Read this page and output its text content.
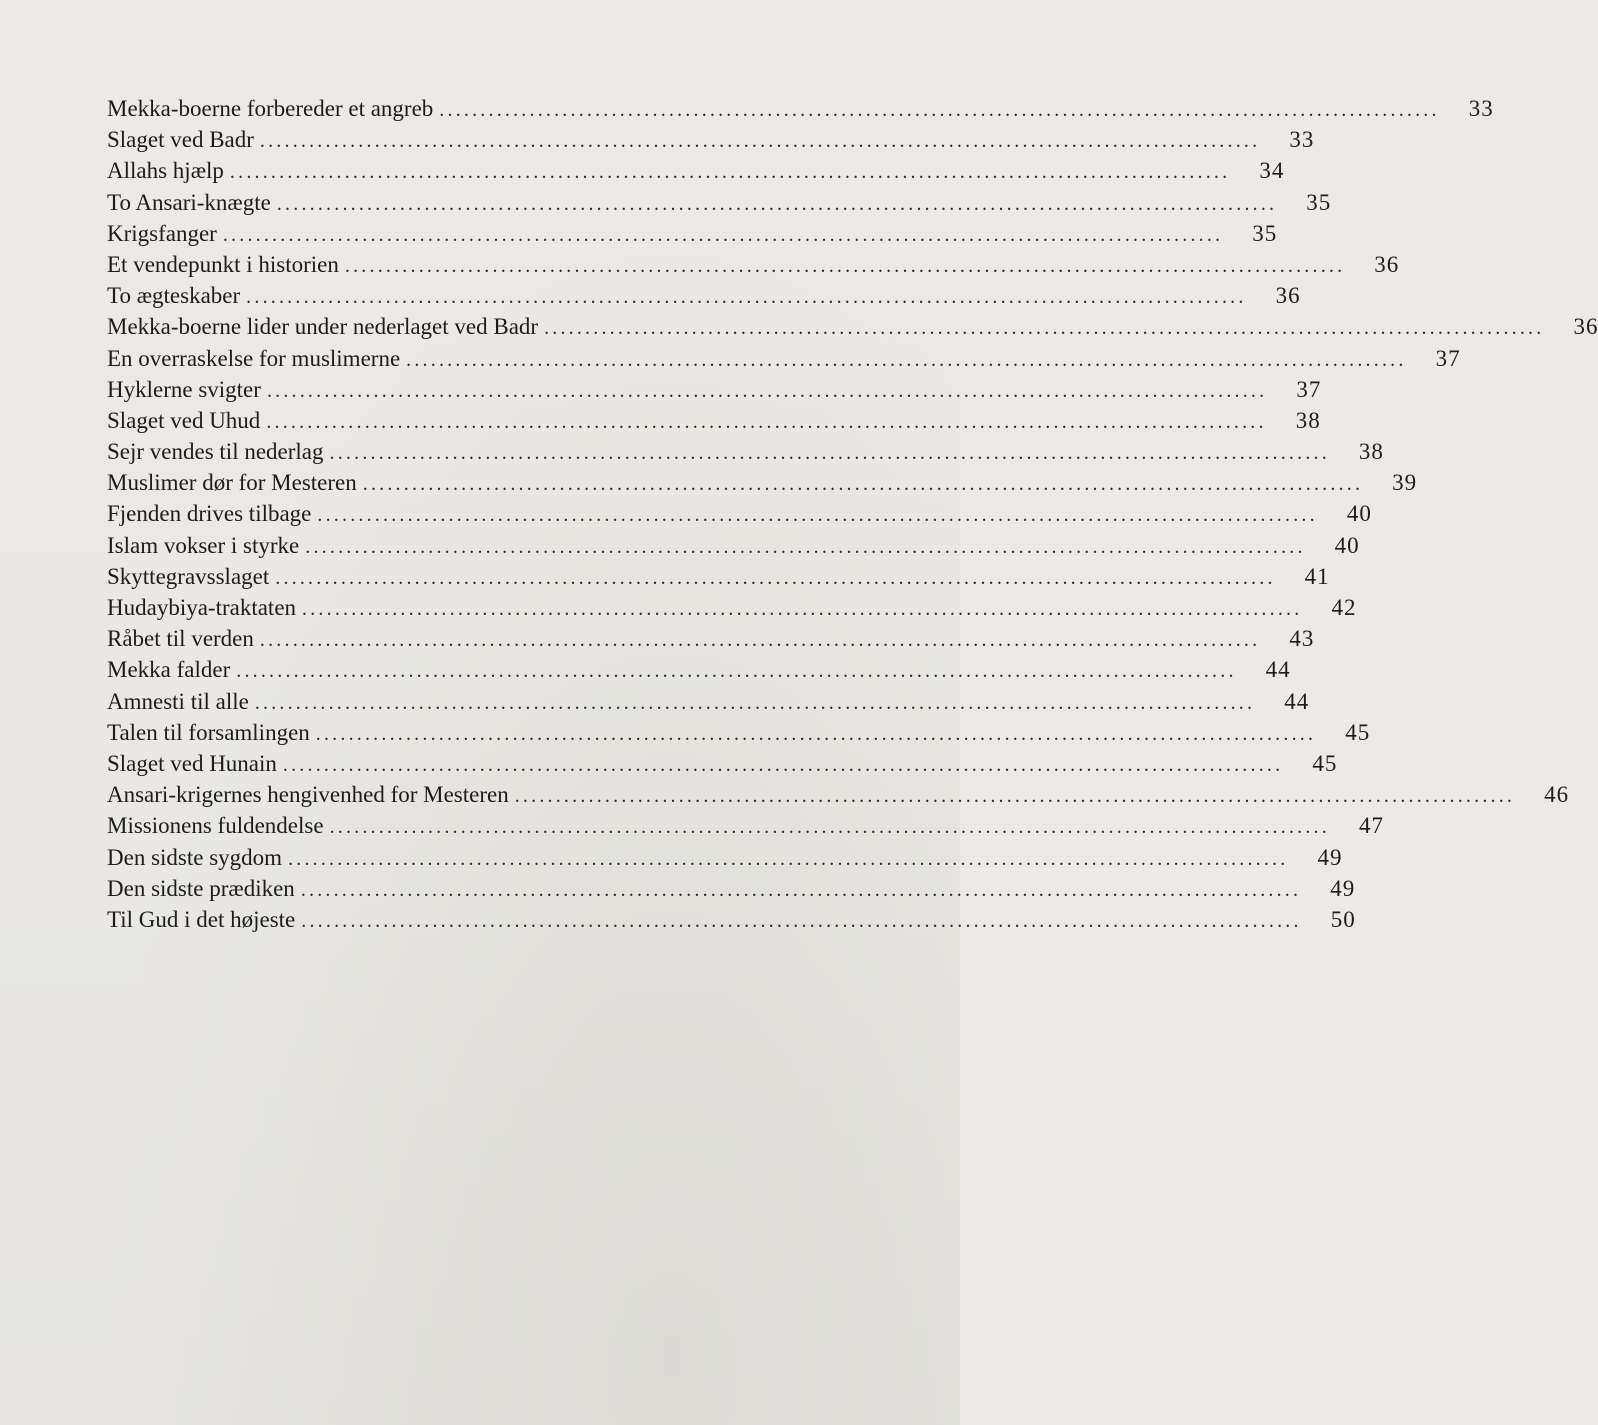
Mekka-boerne forbereder et angreb ..........................................................................................................................	33
Slaget ved Badr ..........................................................................................................................	33
Allahs hjælp ..........................................................................................................................	34
To Ansari-knægte ..........................................................................................................................	35
Krigsfanger ..........................................................................................................................	35
Et vendepunkt i historien ..........................................................................................................................	36
To ægteskaber ..........................................................................................................................	36
Mekka-boerne lider under nederlaget ved Badr ..........................................................................................................................	36
En overraskelse for muslimerne ..........................................................................................................................	37
Hyklerne svigter ..........................................................................................................................	37
Slaget ved Uhud ..........................................................................................................................	38
Sejr vendes til nederlag ..........................................................................................................................	38
Muslimer dør for Mesteren ..........................................................................................................................	39
Fjenden drives tilbage ..........................................................................................................................	40
Islam vokser i styrke ..........................................................................................................................	40
Skyttegravsslaget ..........................................................................................................................	41
Hudaybiya-traktaten ..........................................................................................................................	42
Råbet til verden ..........................................................................................................................	43
Mekka falder ..........................................................................................................................	44
Amnesti til alle ..........................................................................................................................	44
Talen til forsamlingen ..........................................................................................................................	45
Slaget ved Hunain ..........................................................................................................................	45
Ansari-krigernes hengivenhed for Mesteren ..........................................................................................................................	46
Missionens fuldendelse ..........................................................................................................................	47
Den sidste sygdom ..........................................................................................................................	49
Den sidste prædiken ..........................................................................................................................	49
Til Gud i det højeste ..........................................................................................................................	50
